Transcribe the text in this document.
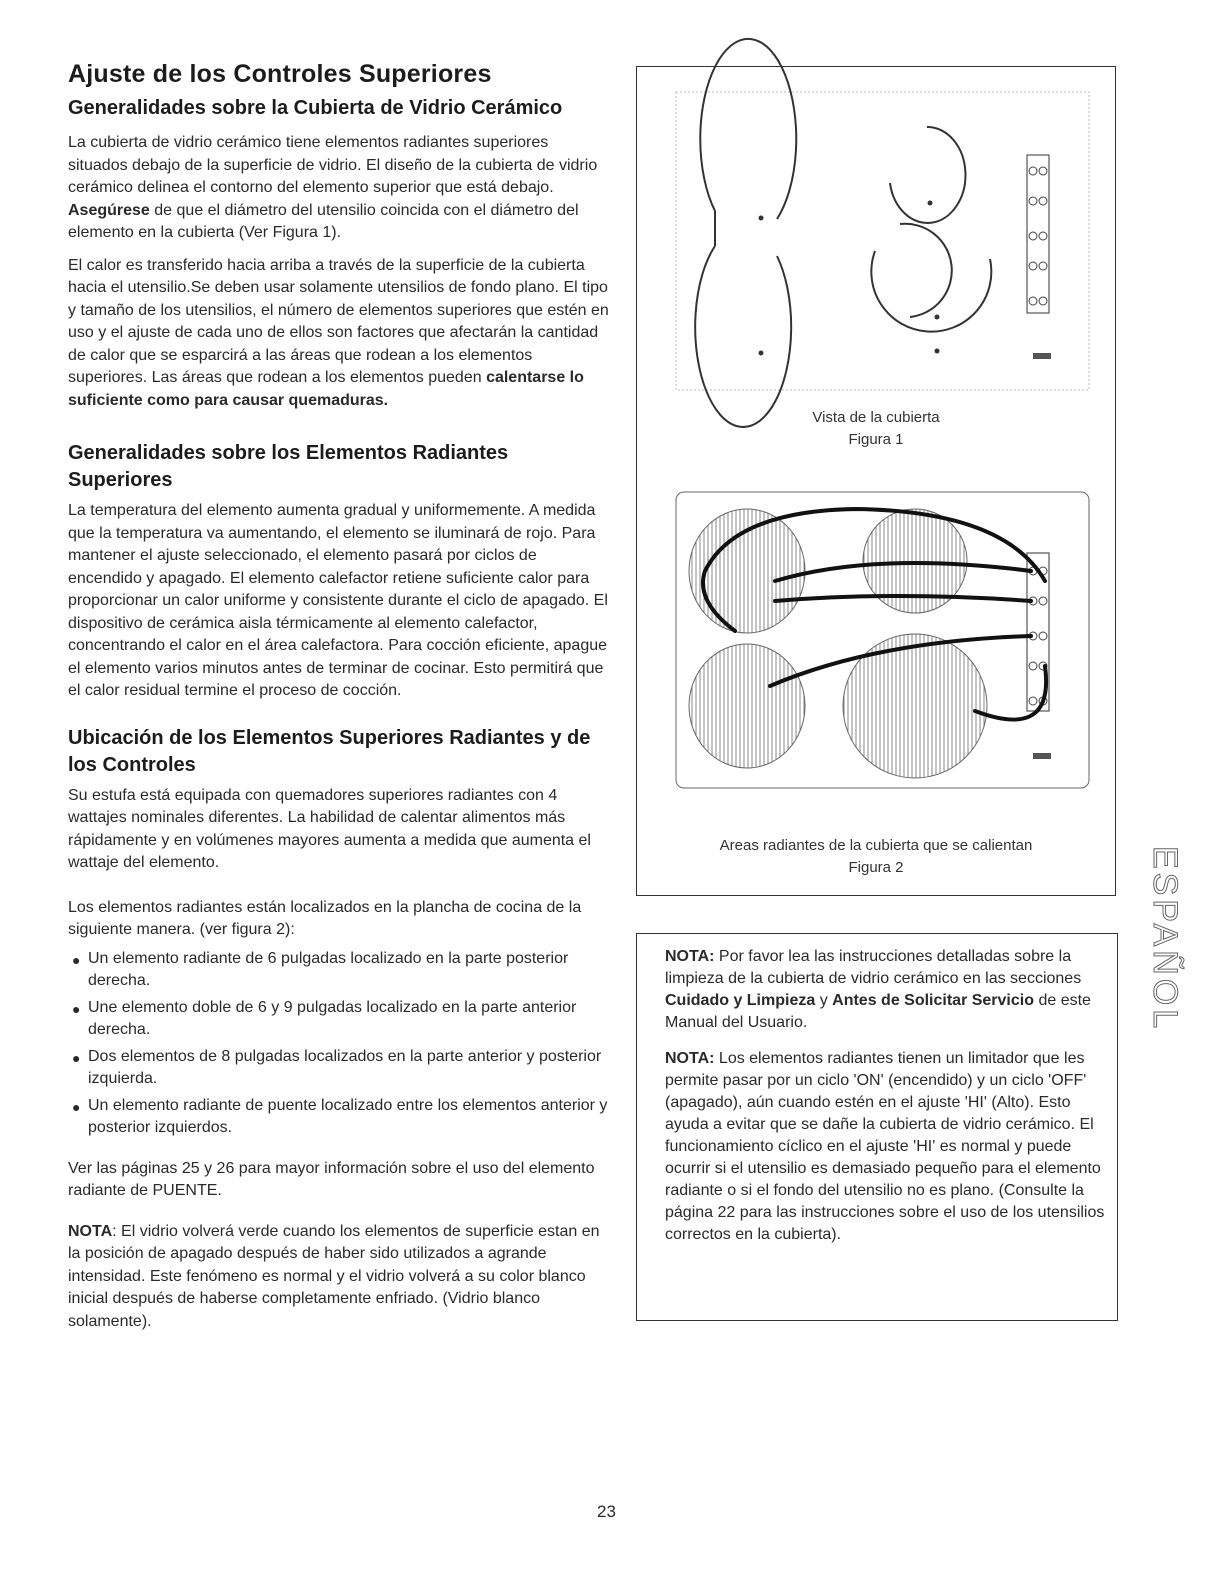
Ajuste de los Controles Superiores
Generalidades sobre la Cubierta de Vidrio Cerámico

La cubierta de vidrio cerámico tiene elementos radiantes superiores situados debajo de la superficie de vidrio. El diseño de la cubierta de vidrio cerámico delinea el contorno del elemento superior que está debajo. Asegúrese de que el diámetro del utensilio coincida con el diámetro del elemento en la cubierta (Ver Figura 1).

El calor es transferido hacia arriba a través de la superficie de la cubierta hacia el utensilio.Se deben usar solamente utensilios de fondo plano. El tipo y tamaño de los utensilios, el número de elementos superiores que estén en uso y el ajuste de cada uno de ellos son factores que afectarán la cantidad de calor que se esparcirá a las áreas que rodean a los elementos superiores. Las áreas que rodean a los elementos pueden calentarse lo suficiente como para causar quemaduras.

Generalidades sobre los Elementos Radiantes Superiores

La temperatura del elemento aumenta gradual y uniformemente. A medida que la temperatura va aumentando, el elemento se iluminará de rojo. Para mantener el ajuste seleccionado, el elemento pasará por ciclos de encendido y apagado. El elemento calefactor retiene suficiente calor para proporcionar un calor uniforme y consistente durante el ciclo de apagado. El dispositivo de cerámica aisla térmicamente al elemento calefactor, concentrando el calor en el área calefactora. Para cocción eficiente, apague el elemento varios minutos antes de terminar de cocinar. Esto permitirá que el calor residual termine el proceso de cocción.

Ubicación de los Elementos Superiores Radiantes y de los Controles

Su estufa está equipada con quemadores superiores radiantes con 4 wattajes nominales diferentes. La habilidad de calentar alimentos más rápidamente y en volúmenes mayores aumenta a medida que aumenta el wattaje del elemento.

Los elementos radiantes están localizados en la plancha de cocina de la siguiente manera. (ver figura 2):

● Un elemento radiante de 6 pulgadas localizado en la parte posterior derecha.
● Une elemento doble de 6 y 9 pulgadas localizado en la parte anterior derecha.
● Dos elementos de 8 pulgadas localizados en la parte anterior y posterior izquierda.
● Un elemento radiante de puente localizado entre los elementos anterior y posterior izquierdos.

Ver las páginas 25 y 26 para mayor información sobre el uso del elemento radiante de PUENTE.

NOTA: El vidrio volverá verde cuando los elementos de superficie estan en la posición de apagado después de haber sido utilizados a agrande intensidad. Este fenómeno es normal y el vidrio volverá a su color blanco inicial después de haberse completamente enfriado. (Vidrio blanco solamente).

Vista de la cubierta
Figura 1
Areas radiantes de la cubierta que se calientan
Figura 2

NOTA: Por favor lea las instrucciones detalladas sobre la limpieza de la cubierta de vidrio cerámico en las secciones Cuidado y Limpieza y Antes de Solicitar Servicio de este Manual del Usuario.

NOTA: Los elementos radiantes tienen un limitador que les permite pasar por un ciclo 'ON' (encendido) y un ciclo 'OFF' (apagado), aún cuando estén en el ajuste 'HI' (Alto). Esto ayuda a evitar que se dañe la cubierta de vidrio cerámico. El funcionamiento cíclico en el ajuste 'HI' es normal y puede ocurrir si el utensilio es demasiado pequeño para el elemento radiante o si el fondo del utensilio no es plano. (Consulte la página 22 para las instrucciones sobre el uso de los utensilios correctos en la cubierta).

ESPAÑOL
23
